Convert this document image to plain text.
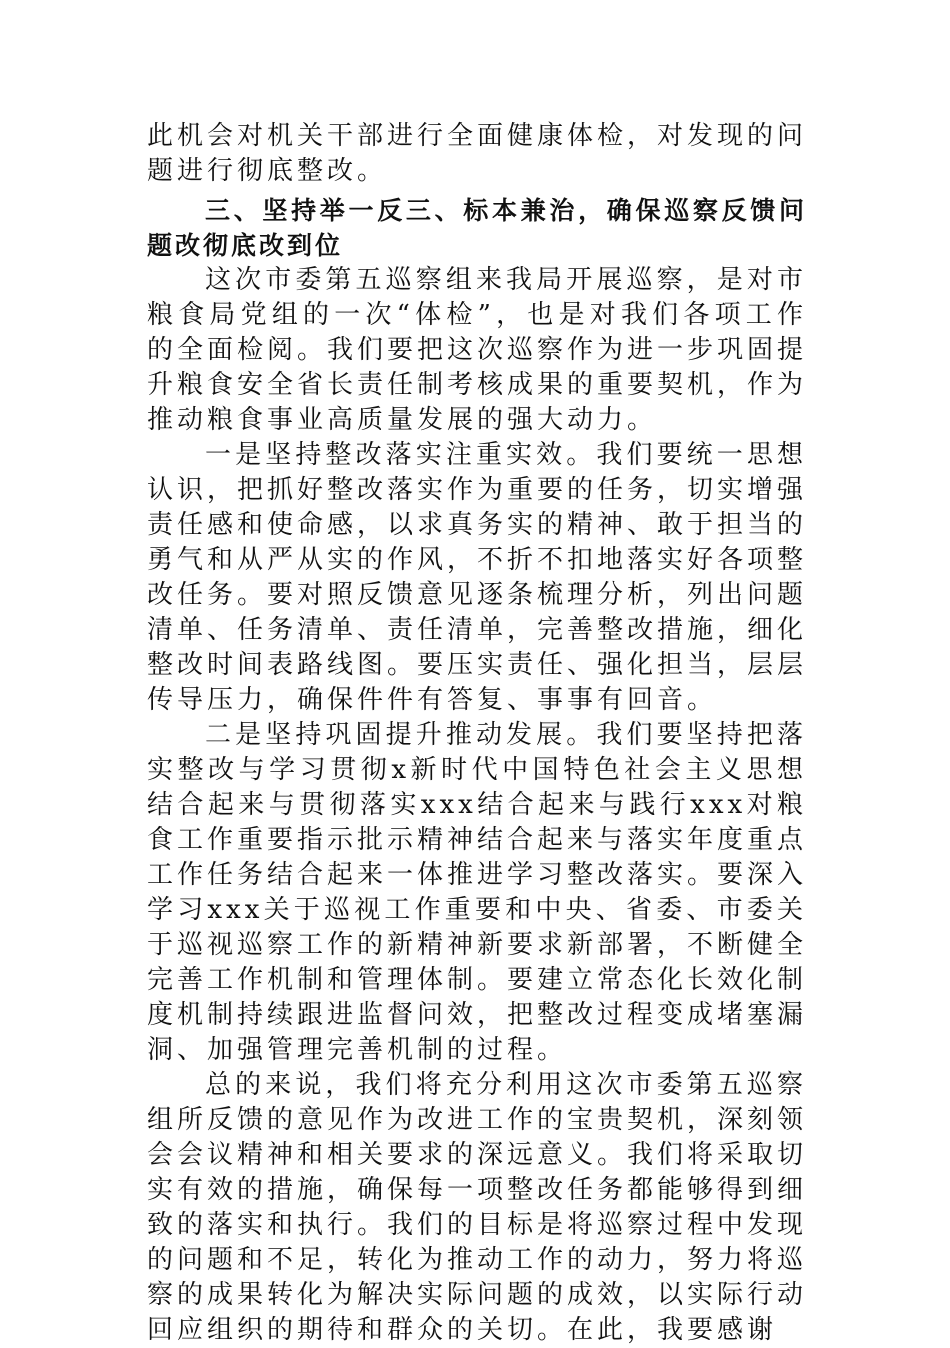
此机会对机关干部进行全面健康体检，对发现的问题进行彻底整改。

三、坚持举一反三、标本兼治，确保巡察反馈问题改彻底改到位

这次市委第五巡察组来我局开展巡察，是对市粮食局党组的一次“体检”，也是对我们各项工作的全面检阅。我们要把这次巡察作为进一步巩固提升粮食安全省长责任制考核成果的重要契机，作为推动粮食事业高质量发展的强大动力。

一是坚持整改落实注重实效。我们要统一思想认识，把抓好整改落实作为重要的任务，切实增强责任感和使命感，以求真务实的精神、敢于担当的勇气和从严从实的作风，不折不扣地落实好各项整改任务。要对照反馈意见逐条梳理分析，列出问题清单、任务清单、责任清单，完善整改措施，细化整改时间表路线图。要压实责任、强化担当，层层传导压力，确保件件有答复、事事有回音。

二是坚持巩固提升推动发展。我们要坚持把落实整改与学习贯彻x新时代中国特色社会主义思想结合起来与贯彻落实xxx结合起来与践行xxx对粮食工作重要指示批示精神结合起来与落实年度重点工作任务结合起来一体推进学习整改落实。要深入学习xxx关于巡视工作重要和中央、省委、市委关于巡视巡察工作的新精神新要求新部署，不断健全完善工作机制和管理体制。要建立常态化长效化制度机制持续跟进监督问效，把整改过程变成堵塞漏洞、加强管理完善机制的过程。

总的来说，我们将充分利用这次市委第五巡察组所反馈的意见作为改进工作的宝贵契机，深刻领会会议精神和相关要求的深远意义。我们将采取切实有效的措施，确保每一项整改任务都能够得到细致的落实和执行。我们的目标是将巡察过程中发现的问题和不足，转化为推动工作的动力，努力将巡察的成果转化为解决实际问题的成效，以实际行动回应组织的期待和群众的关切。在此，我要感谢
